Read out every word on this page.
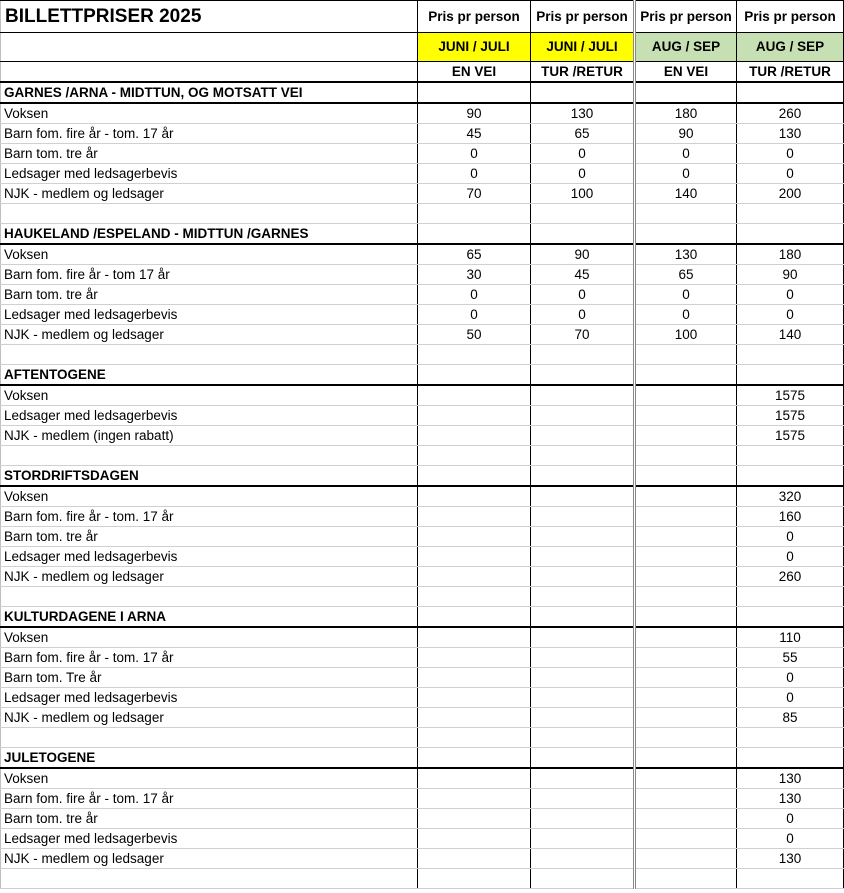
BILLETTPRISER 2025	Pris pr person	Pris pr person	Pris pr person	Pris pr person
	JUNI / JULI	JUNI / JULI	AUG / SEP	AUG / SEP
	EN VEI	TUR /RETUR	EN VEI	TUR /RETUR
GARNES /ARNA - MIDTTUN, OG MOTSATT VEI				
Voksen	90	130	180	260
Barn fom. fire år - tom. 17 år	45	65	90	130
Barn tom. tre år	0	0	0	0
Ledsager med ledsagerbevis	0	0	0	0
NJK - medlem og ledsager	70	100	140	200

HAUKELAND /ESPELAND - MIDTTUN /GARNES				
Voksen	65	90	130	180
Barn fom. fire år - tom 17 år	30	45	65	90
Barn tom. tre år	0	0	0	0
Ledsager med ledsagerbevis	0	0	0	0
NJK - medlem og ledsager	50	70	100	140

AFTENTOGENE				
Voksen				1575
Ledsager med ledsagerbevis				1575
NJK - medlem (ingen rabatt)				1575

STORDRIFTSDAGEN				
Voksen				320
Barn fom. fire år - tom. 17 år				160
Barn tom. tre år				0
Ledsager med ledsagerbevis				0
NJK - medlem og ledsager				260

KULTURDAGENE I ARNA				
Voksen				110
Barn fom. fire år - tom. 17 år				55
Barn tom. Tre år				0
Ledsager med ledsagerbevis				0
NJK - medlem og ledsager				85

JULETOGENE				
Voksen				130
Barn fom. fire år - tom. 17 år				130
Barn tom. tre år				0
Ledsager med ledsagerbevis				0
NJK - medlem og ledsager				130
